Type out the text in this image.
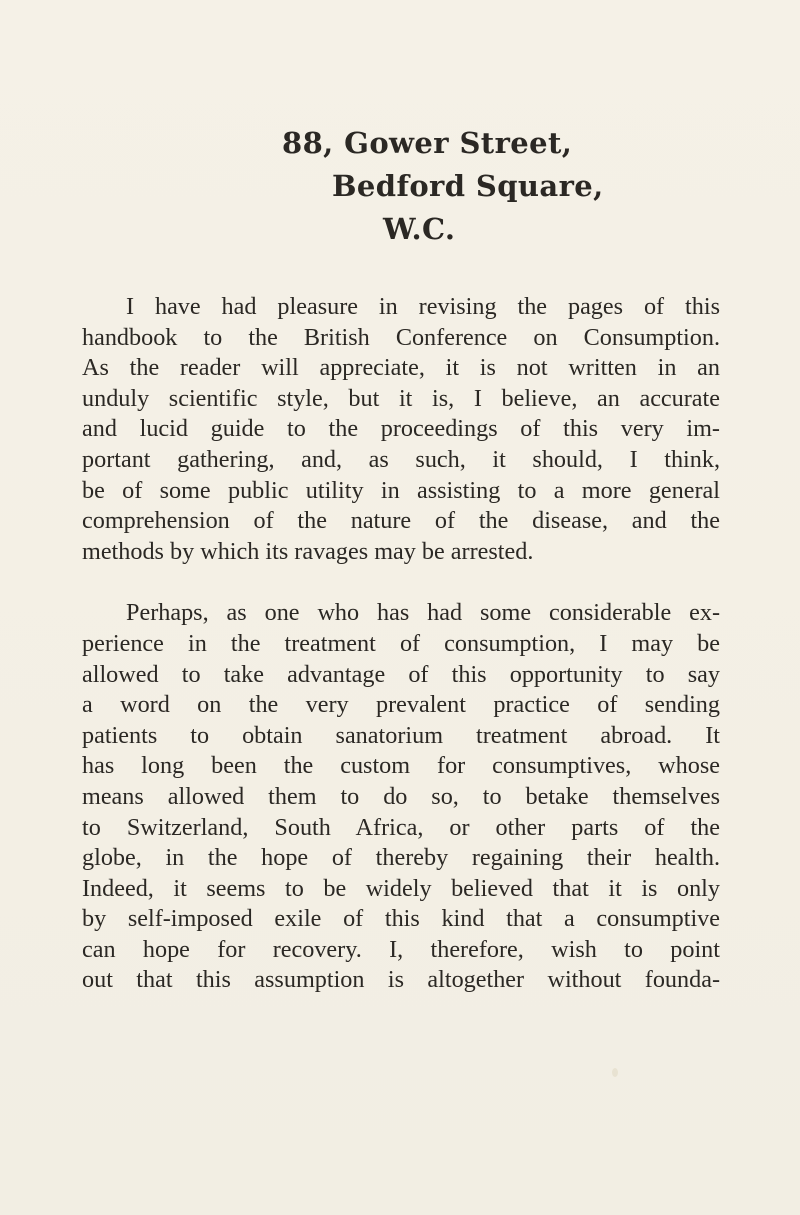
88, Gower Street,
Bedford Square,
W.C.
I have had pleasure in revising the pages of this
handbook to the British Conference on Consumption.
As the reader will appreciate, it is not written in an
unduly scientific style, but it is, I believe, an accurate
and lucid guide to the proceedings of this very im-
portant gathering, and, as such, it should, I think,
be of some public utility in assisting to a more general
comprehension of the nature of the disease, and the
methods by which its ravages may be arrested.
Perhaps, as one who has had some considerable ex-
perience in the treatment of consumption, I may be
allowed to take advantage of this opportunity to say
a word on the very prevalent practice of sending
patients to obtain sanatorium treatment abroad. It
has long been the custom for consumptives, whose
means allowed them to do so, to betake themselves
to Switzerland, South Africa, or other parts of the
globe, in the hope of thereby regaining their health.
Indeed, it seems to be widely believed that it is only
by self-imposed exile of this kind that a consumptive
can hope for recovery. I, therefore, wish to point
out that this assumption is altogether without founda-
